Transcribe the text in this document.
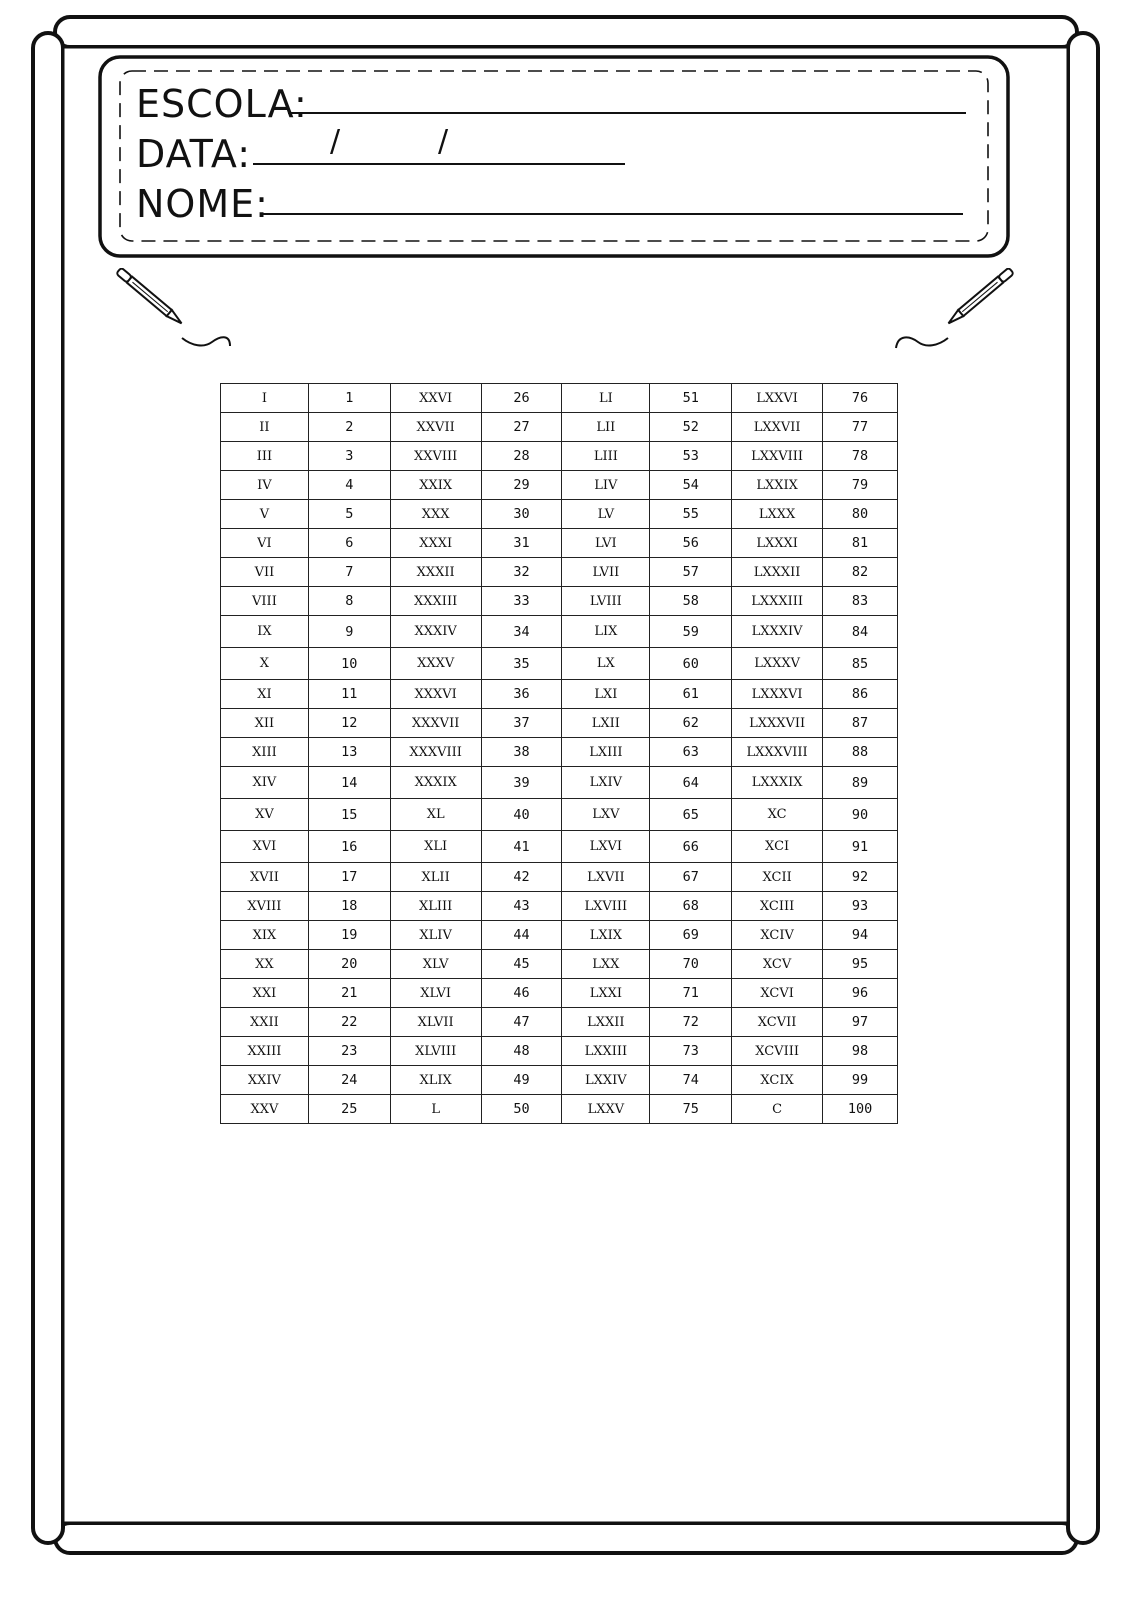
ESCOLA:
DATA:	/	/
NOME:
I	1	XXVI	26	LI	51	LXXVI	76
II	2	XXVII	27	LII	52	LXXVII	77
III	3	XXVIII	28	LIII	53	LXXVIII	78
IV	4	XXIX	29	LIV	54	LXXIX	79
V	5	XXX	30	LV	55	LXXX	80
VI	6	XXXI	31	LVI	56	LXXXI	81
VII	7	XXXII	32	LVII	57	LXXXII	82
VIII	8	XXXIII	33	LVIII	58	LXXXIII	83
IX	9	XXXIV	34	LIX	59	LXXXIV	84
X	10	XXXV	35	LX	60	LXXXV	85
XI	11	XXXVI	36	LXI	61	LXXXVI	86
XII	12	XXXVII	37	LXII	62	LXXXVII	87
XIII	13	XXXVIII	38	LXIII	63	LXXXVIII	88
XIV	14	XXXIX	39	LXIV	64	LXXXIX	89
XV	15	XL	40	LXV	65	XC	90
XVI	16	XLI	41	LXVI	66	XCI	91
XVII	17	XLII	42	LXVII	67	XCII	92
XVIII	18	XLIII	43	LXVIII	68	XCIII	93
XIX	19	XLIV	44	LXIX	69	XCIV	94
XX	20	XLV	45	LXX	70	XCV	95
XXI	21	XLVI	46	LXXI	71	XCVI	96
XXII	22	XLVII	47	LXXII	72	XCVII	97
XXIII	23	XLVIII	48	LXXIII	73	XCVIII	98
XXIV	24	XLIX	49	LXXIV	74	XCIX	99
XXV	25	L	50	LXXV	75	C	100
